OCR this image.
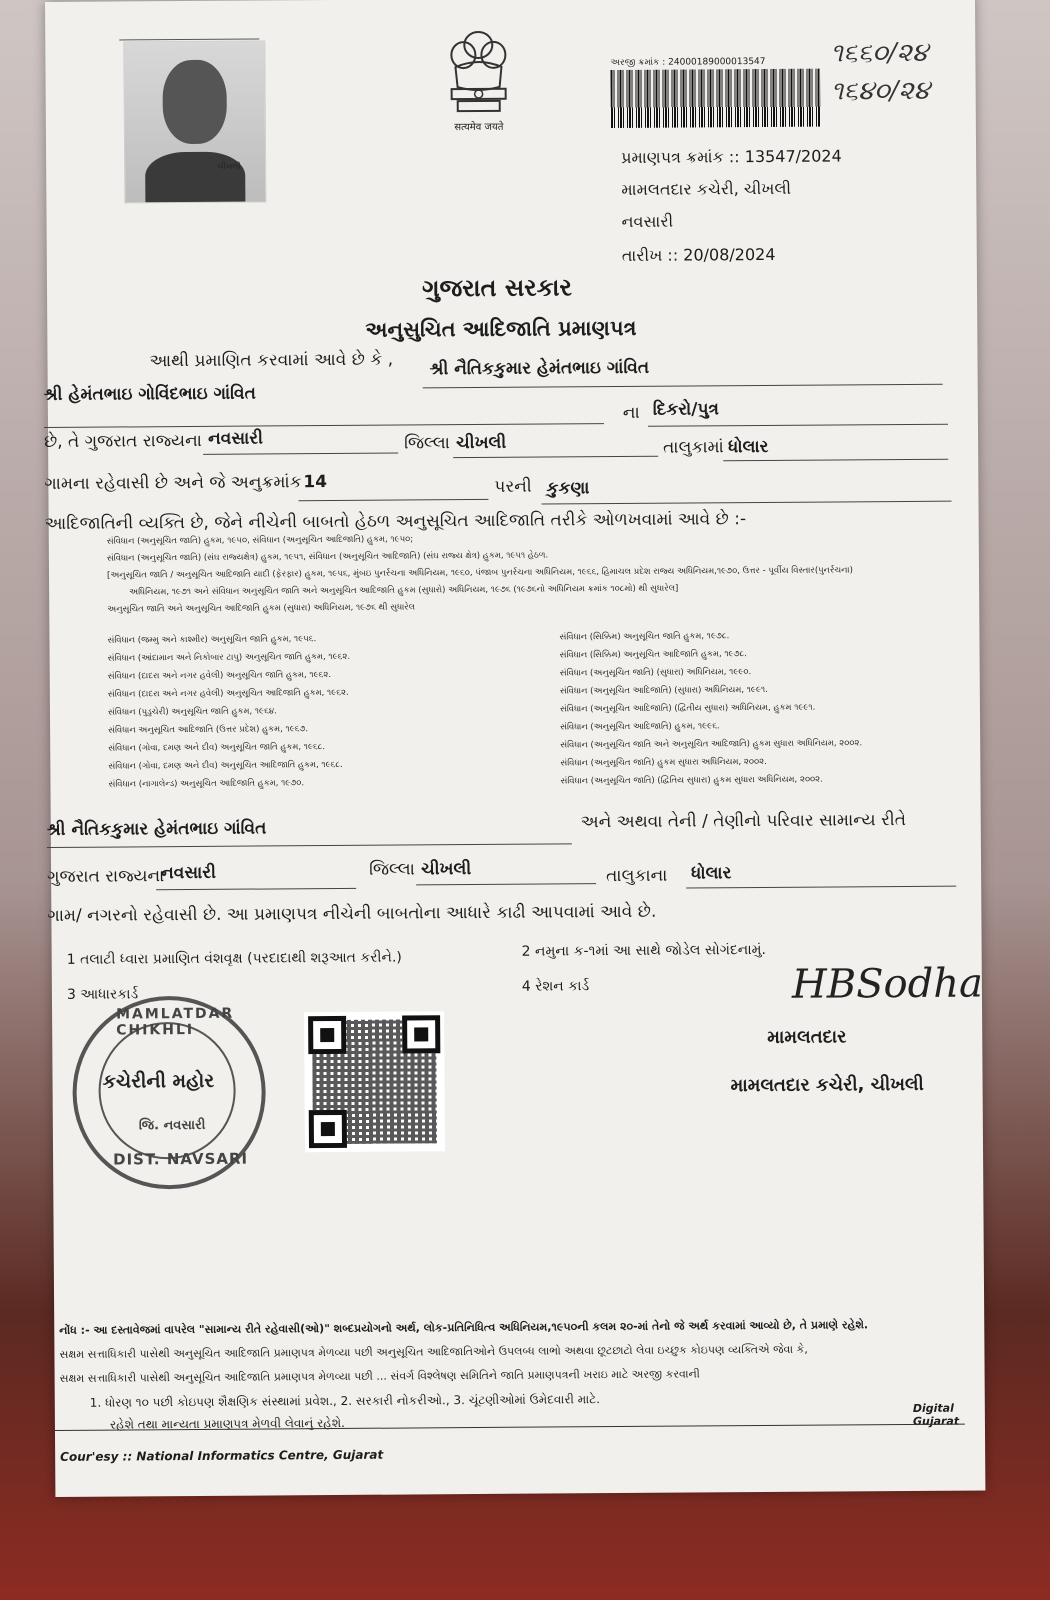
ચીખલી
सत्यमेव जयते
અરજી ક્રમાંક : 24000189000013547	૧૬૬૦/૨૪
૧૬૪૦/૨૪
પ્રમાણપત્ર ક્રમાંક :: 13547/2024
મામલતદાર કચેરી, ચીખલી
નવસારી
તારીખ :: 20/08/2024
ગુજરાત સરકાર
અનુસુચિત આદિજાતિ પ્રમાણપત્ર
આથી પ્રમાણિત કરવામાં આવે છે કે , શ્રી નૈતિકકુમાર હેમંતભાઇ ગાંવિત
શ્રી હેમંતભાઇ ગોવિંદભાઇ ગાંવિત
ના દિકરો/પુત્ર
છે, તે ગુજરાત રાજ્યના નવસારી	જિલ્લા ચીખલી	તાલુકામાં ધોલાર
ગામના રહેવાસી છે અને જે અનુક્રમાંક 14	પરની કુકણા
આદિજાતિની વ્યક્તિ છે, જેને નીચેની બાબતો હેઠળ અનુસૂચિત આદિજાતિ તરીકે ઓળખવામાં આવે છે :-
સંવિધાન (અનુસૂચિત જાતિ) હુકમ, ૧૯૫૦, સંવિધાન (અનુસૂચિત આદિજાતિ) હુકમ, ૧૯૫૦;
સંવિધાન (અનુસૂચિત જાતિ) (સંઘ રાજ્યક્ષેત્ર) હુકમ, ૧૯૫૧, સંવિધાન (અનુસૂચિત આદિજાતિ) (સંઘ રાજ્ય ક્ષેત્ર) હુકમ, ૧૯૫૧ હેઠળ.
[અનુસૂચિત જાતિ / અનુસૂચિત આદિજાતિ યાદી (ફેરફાર) હુકમ, ૧૯૫૬, મુંબઇ પુનર્રચના અધિનિયમ, ૧૯૬૦, પંજાબ પુનર્રચના અધિનિયમ, ૧૯૬૬, હિમાચલ પ્રદેશ રાજ્ય અધિનિયમ,૧૯૭૦, ઉત્તર - પૂર્વીય વિસ્તાર(પુનર્રચના)
અધિનિયમ, ૧૯૭૧ અને સંવિધાન અનુસૂચિત જાતિ અને અનુસૂચિત આદિજાતિ હુકમ (સુધારો) અધિનિયમ, ૧૯૭૬ (૧૯૭૬નો અધિનિયમ ક્રમાંક ૧૦૮મો) થી સુધારેલ]
અનુસૂચિત જાતિ અને અનુસૂચિત આદિજાતિ હુકમ (સુધારા) અધિનિયમ, ૧૯૭૬ થી સુધારેલ
સંવિધાન (જમ્મુ અને કાશ્મીર) અનુસૂચિત જાતિ હુકમ, ૧૯૫૬.
સંવિધાન (આંદામાન અને નિકોબાર ટાપુ) અનુસૂચિત જાતિ હુકમ, ૧૯૬૨.
સંવિધાન (દાદરા અને નગર હવેલી) અનુસૂચિત જાતિ હુકમ, ૧૯૬૨.
સંવિધાન (દાદરા અને નગર હવેલી) અનુસૂચિત આદિજાતિ હુકમ, ૧૯૬૨.
સંવિધાન (પુડુચેરી) અનુસૂચિત જાતિ હુકમ, ૧૯૬૪.
સંવિધાન અનુસૂચિત આદિજાતિ (ઉત્તર પ્રદેશ) હુકમ, ૧૯૬૭.
સંવિધાન (ગોવા, દમણ અને દીવ) અનુસૂચિત જાતિ હુકમ, ૧૯૬૮.
સંવિધાન (ગોવા, દમણ અને દીવ) અનુસૂચિત આદિજાતિ હુકમ, ૧૯૬૮.
સંવિધાન (નાગાલેન્ડ) અનુસૂચિત આદિજાતિ હુકમ, ૧૯૭૦.
સંવિધાન (સિક્કિમ) અનુસૂચિત જાતિ હુકમ, ૧૯૭૮.
સંવિધાન (સિક્કિમ) અનુસૂચિત આદિજાતિ હુકમ, ૧૯૭૮.
સંવિધાન (અનુસૂચિત જાતિ) (સુધારા) અધિનિયમ, ૧૯૯૦.
સંવિધાન (અનુસૂચિત આદિજાતિ) (સુધારા) અધિનિયમ, ૧૯૯૧.
સંવિધાન (અનુસૂચિત આદિજાતિ) (દ્વિતીય સુધારા) અધિનિયમ, હુકમ ૧૯૯૧.
સંવિધાન (અનુસૂચિત આદિજાતિ) હુકમ, ૧૯૯૬.
સંવિધાન (અનુસૂચિત જાતિ અને અનુસૂચિત આદિજાતિ) હુકમ સુધારા અધિનિયમ, ૨૦૦૨.
સંવિધાન (અનુસૂચિત જાતિ) હુકમ સુધારા અધિનિયમ, ૨૦૦૨.
સંવિધાન (અનુસૂચિત જાતિ) (દ્વિતિય સુધારા) હુકમ સુધારા અધિનિયમ, ૨૦૦૨.
શ્રી નૈતિકકુમાર હેમંતભાઇ ગાંવિત	અને અથવા તેની / તેણીનો પરિવાર સામાન્ય રીતે
ગુજરાત રાજ્યના
નવસારી	જિલ્લા ચીખલી	તાલુકાના ધોલાર
ગામ/ નગરનો રહેવાસી છે. આ પ્રમાણપત્ર નીચેની બાબતોના આધારે કાઢી આપવામાં આવે છે.
1 તલાટી ધ્વારા પ્રમાણિત વંશવૃક્ષ (પરદાદાથી શરૂઆત કરીને.)	2 નમુના ક-૧માં આ સાથે જોડેલ સોગંદનામું.
3 આધારકાર્ડ	4 રેશન કાર્ડ	HBSodha
મામલતદાર
મામલતદાર કચેરી, ચીખલી
MAMLATDAR CHIKHLI
કચેરીની મહોર
જિ. નવસારી
DIST. NAVSARI
નોંધ :- આ દસ્તાવેજમાં વાપરેલ "સામાન્ય રીતે રહેવાસી(ઓ)" શબ્દપ્રયોગનો અર્થ, લોક-પ્રતિનિધિત્વ અધિનિયમ,૧૯૫૦ની કલમ ૨૦-માં તેનો જે અર્થ કરવામાં આવ્યો છે, તે પ્રમાણે રહેશે.
સક્ષમ સત્તાધિકારી પાસેથી અનુસૂચિત આદિજાતિ પ્રમાણપત્ર મેળવ્યા પછી અનુસૂચિત આદિજાતિઓને ઉપલબ્ધ લાભો અથવા છૂટછાટો લેવા ઇચ્છુક કોઇપણ વ્યક્તિએ જેવા કે,
સક્ષમ સત્તાધિકારી પાસેથી અનુસૂચિત આદિજાતિ પ્રમાણપત્ર મેળવ્યા પછી ... સંવર્ગ વિશ્લેષણ સમિતિને જાતિ પ્રમાણપત્રની ખરાઇ માટે અરજી કરવાની
1. ધોરણ ૧૦ પછી કોઇપણ શૈક્ષણિક સંસ્થામાં પ્રવેશ., 2. સરકારી નોકરીઓ., 3. ચૂંટણીઓમાં ઉમેદવારી માટે.
રહેશે તથા માન્યતા પ્રમાણપત્ર મેળવી લેવાનું રહેશે.
Digital Gujarat
Cour'esy :: National Informatics Centre, Gujarat
